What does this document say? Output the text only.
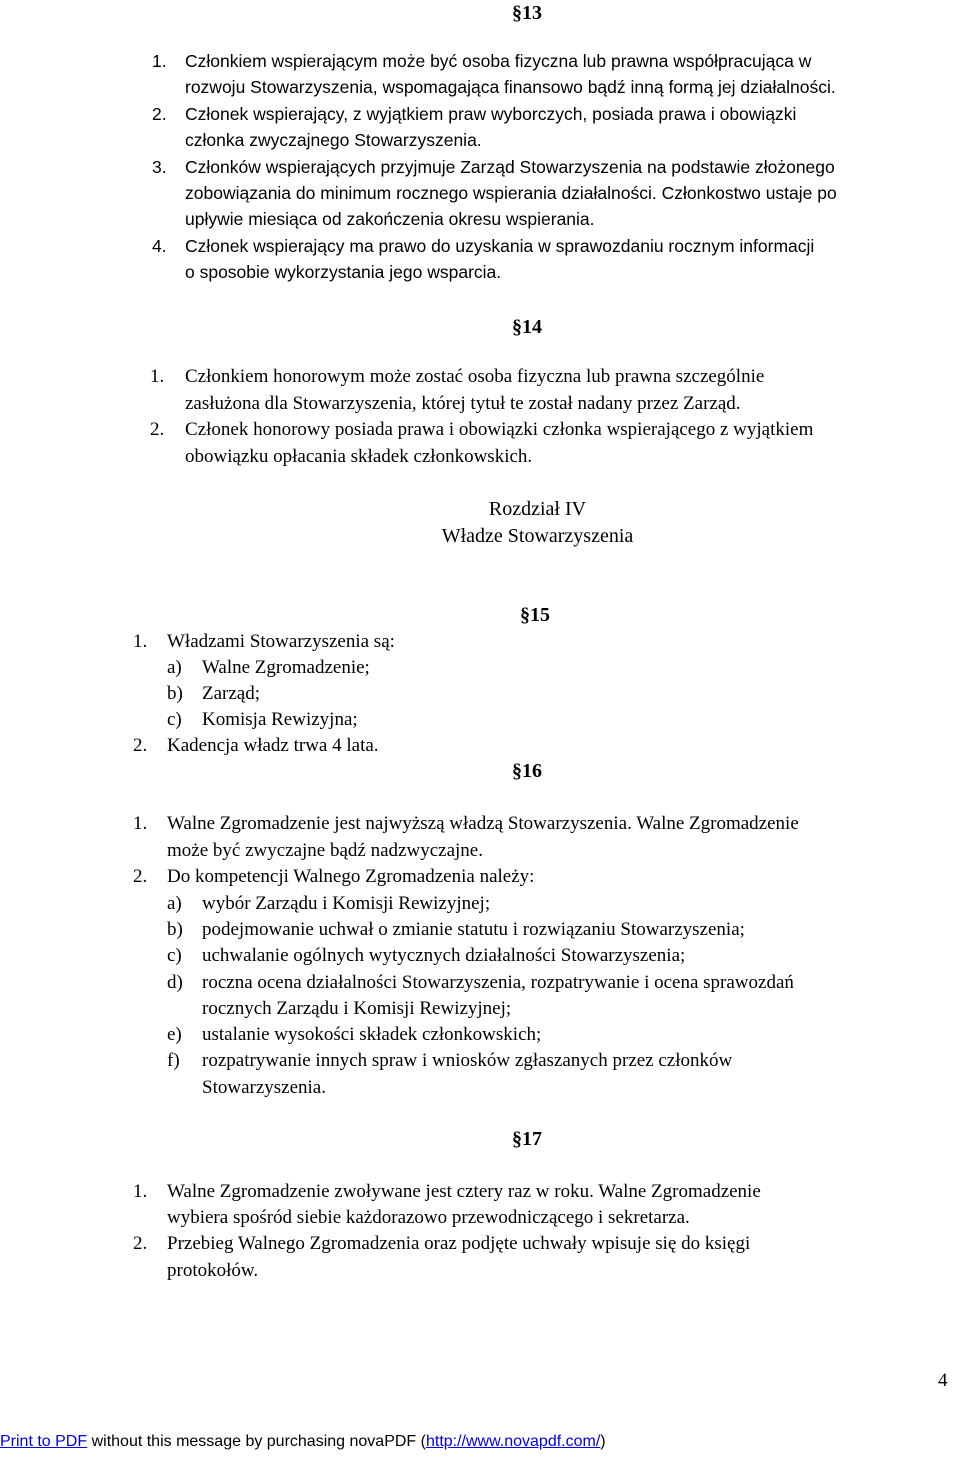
§13
1. Członkiem wspierającym może być osoba fizyczna lub prawna współpracująca w
rozwoju Stowarzyszenia, wspomagająca finansowo bądź inną formą jej działalności.
2. Członek wspierający, z wyjątkiem praw wyborczych, posiada prawa i obowiązki
członka zwyczajnego Stowarzyszenia.
3. Członków wspierających przyjmuje Zarząd Stowarzyszenia na podstawie złożonego
zobowiązania do minimum rocznego wspierania działalności. Członkostwo ustaje po
upływie miesiąca od zakończenia okresu wspierania.
4. Członek wspierający ma prawo do uzyskania w sprawozdaniu rocznym informacji
o sposobie wykorzystania jego wsparcia.
§14
1. Członkiem honorowym może zostać osoba fizyczna lub prawna szczególnie
zasłużona dla Stowarzyszenia, której tytuł te został nadany przez Zarząd.
2. Członek honorowy posiada prawa i obowiązki członka wspierającego z wyjątkiem
obowiązku opłacania składek członkowskich.
Rozdział IV
Władze Stowarzyszenia
§15
1. Władzami Stowarzyszenia są:
a) Walne Zgromadzenie;
b) Zarząd;
c) Komisja Rewizyjna;
2. Kadencja władz trwa 4 lata.
§16
1. Walne Zgromadzenie jest najwyższą władzą Stowarzyszenia. Walne Zgromadzenie
może być zwyczajne bądź nadzwyczajne.
2. Do kompetencji Walnego Zgromadzenia należy:
a) wybór Zarządu i Komisji Rewizyjnej;
b) podejmowanie uchwał o zmianie statutu i rozwiązaniu Stowarzyszenia;
c) uchwalanie ogólnych wytycznych działalności Stowarzyszenia;
d) roczna ocena działalności Stowarzyszenia, rozpatrywanie i ocena sprawozdań
rocznych Zarządu i Komisji Rewizyjnej;
e) ustalanie wysokości składek członkowskich;
f) rozpatrywanie innych spraw i wniosków zgłaszanych przez członków
Stowarzyszenia.
§17
1. Walne Zgromadzenie zwoływane jest cztery raz w roku. Walne Zgromadzenie
wybiera spośród siebie każdorazowo przewodniczącego i sekretarza.
2. Przebieg Walnego Zgromadzenia oraz podjęte uchwały wpisuje się do księgi
protokołów.
4
Print to PDF without this message by purchasing novaPDF (http://www.novapdf.com/)
